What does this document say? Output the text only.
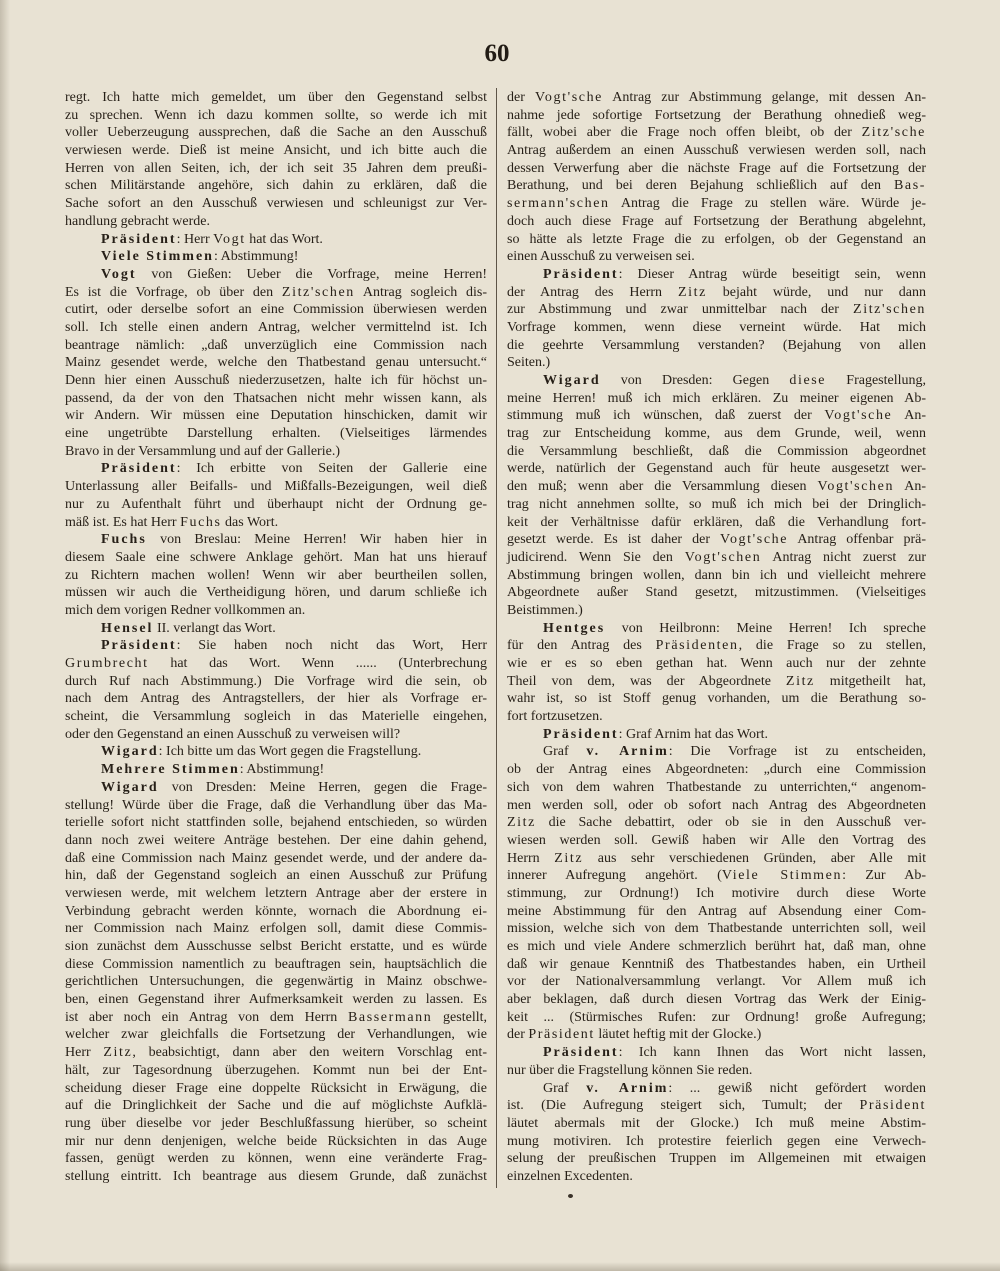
60
regt. Ich hatte mich gemeldet, um über den Gegenstand selbst
zu sprechen. Wenn ich dazu kommen sollte, so werde ich mit
voller Ueberzeugung aussprechen, daß die Sache an den Ausschuß
verwiesen werde. Dieß ist meine Ansicht, und ich bitte auch die
Herren von allen Seiten, ich, der ich seit 35 Jahren dem preußi-
schen Militärstande angehöre, sich dahin zu erklären, daß die
Sache sofort an den Ausschuß verwiesen und schleunigst zur Ver-
handlung gebracht werde.
Präsident: Herr Vogt hat das Wort.
Viele Stimmen: Abstimmung!
Vogt von Gießen: Ueber die Vorfrage, meine Herren!
Es ist die Vorfrage, ob über den Zitz'schen Antrag sogleich dis-
cutirt, oder derselbe sofort an eine Commission überwiesen werden
soll. Ich stelle einen andern Antrag, welcher vermittelnd ist. Ich
beantrage nämlich: „daß unverzüglich eine Commission nach
Mainz gesendet werde, welche den Thatbestand genau untersucht.“
Denn hier einen Ausschuß niederzusetzen, halte ich für höchst un-
passend, da der von den Thatsachen nicht mehr wissen kann, als
wir Andern. Wir müssen eine Deputation hinschicken, damit wir
eine ungetrübte Darstellung erhalten. (Vielseitiges lärmendes
Bravo in der Versammlung und auf der Gallerie.)
Präsident: Ich erbitte von Seiten der Gallerie eine
Unterlassung aller Beifalls- und Mißfalls-Bezeigungen, weil dieß
nur zu Aufenthalt führt und überhaupt nicht der Ordnung ge-
mäß ist. Es hat Herr Fuchs das Wort.
Fuchs von Breslau: Meine Herren! Wir haben hier in
diesem Saale eine schwere Anklage gehört. Man hat uns hierauf
zu Richtern machen wollen! Wenn wir aber beurtheilen sollen,
müssen wir auch die Vertheidigung hören, und darum schließe ich
mich dem vorigen Redner vollkommen an.
Hensel II. verlangt das Wort.
Präsident: Sie haben noch nicht das Wort, Herr
Grumbrecht hat das Wort. Wenn ...... (Unterbrechung
durch Ruf nach Abstimmung.) Die Vorfrage wird die sein, ob
nach dem Antrag des Antragstellers, der hier als Vorfrage er-
scheint, die Versammlung sogleich in das Materielle eingehen,
oder den Gegenstand an einen Ausschuß zu verweisen will?
Wigard: Ich bitte um das Wort gegen die Fragstellung.
Mehrere Stimmen: Abstimmung!
Wigard von Dresden: Meine Herren, gegen die Frage-
stellung! Würde über die Frage, daß die Verhandlung über das Ma-
terielle sofort nicht stattfinden solle, bejahend entschieden, so würden
dann noch zwei weitere Anträge bestehen. Der eine dahin gehend,
daß eine Commission nach Mainz gesendet werde, und der andere da-
hin, daß der Gegenstand sogleich an einen Ausschuß zur Prüfung
verwiesen werde, mit welchem letztern Antrage aber der erstere in
Verbindung gebracht werden könnte, wornach die Abordnung ei-
ner Commission nach Mainz erfolgen soll, damit diese Commis-
sion zunächst dem Ausschusse selbst Bericht erstatte, und es würde
diese Commission namentlich zu beauftragen sein, hauptsächlich die
gerichtlichen Untersuchungen, die gegenwärtig in Mainz obschwe-
ben, einen Gegenstand ihrer Aufmerksamkeit werden zu lassen. Es
ist aber noch ein Antrag von dem Herrn Bassermann gestellt,
welcher zwar gleichfalls die Fortsetzung der Verhandlungen, wie
Herr Zitz, beabsichtigt, dann aber den weitern Vorschlag ent-
hält, zur Tagesordnung überzugehen. Kommt nun bei der Ent-
scheidung dieser Frage eine doppelte Rücksicht in Erwägung, die
auf die Dringlichkeit der Sache und die auf möglichste Aufklä-
rung über dieselbe vor jeder Beschlußfassung hierüber, so scheint
mir nur denn denjenigen, welche beide Rücksichten in das Auge
fassen, genügt werden zu können, wenn eine veränderte Frag-
stellung eintritt. Ich beantrage aus diesem Grunde, daß zunächst
der Vogt'sche Antrag zur Abstimmung gelange, mit dessen An-
nahme jede sofortige Fortsetzung der Berathung ohnedieß weg-
fällt, wobei aber die Frage noch offen bleibt, ob der Zitz'sche
Antrag außerdem an einen Ausschuß verwiesen werden soll, nach
dessen Verwerfung aber die nächste Frage auf die Fortsetzung der
Berathung, und bei deren Bejahung schließlich auf den Bas-
sermann'schen Antrag die Frage zu stellen wäre. Würde je-
doch auch diese Frage auf Fortsetzung der Berathung abgelehnt,
so hätte als letzte Frage die zu erfolgen, ob der Gegenstand an
einen Ausschuß zu verweisen sei.
Präsident: Dieser Antrag würde beseitigt sein, wenn
der Antrag des Herrn Zitz bejaht würde, und nur dann
zur Abstimmung und zwar unmittelbar nach der Zitz'schen
Vorfrage kommen, wenn diese verneint würde. Hat mich
die geehrte Versammlung verstanden? (Bejahung von allen
Seiten.)
Wigard von Dresden: Gegen diese Fragestellung,
meine Herren! muß ich mich erklären. Zu meiner eigenen Ab-
stimmung muß ich wünschen, daß zuerst der Vogt'sche An-
trag zur Entscheidung komme, aus dem Grunde, weil, wenn
die Versammlung beschließt, daß die Commission abgeordnet
werde, natürlich der Gegenstand auch für heute ausgesetzt wer-
den muß; wenn aber die Versammlung diesen Vogt'schen An-
trag nicht annehmen sollte, so muß ich mich bei der Dringlich-
keit der Verhältnisse dafür erklären, daß die Verhandlung fort-
gesetzt werde. Es ist daher der Vogt'sche Antrag offenbar prä-
judicirend. Wenn Sie den Vogt'schen Antrag nicht zuerst zur
Abstimmung bringen wollen, dann bin ich und vielleicht mehrere
Abgeordnete außer Stand gesetzt, mitzustimmen. (Vielseitiges
Beistimmen.)
Hentges von Heilbronn: Meine Herren! Ich spreche
für den Antrag des Präsidenten, die Frage so zu stellen,
wie er es so eben gethan hat. Wenn auch nur der zehnte
Theil von dem, was der Abgeordnete Zitz mitgetheilt hat,
wahr ist, so ist Stoff genug vorhanden, um die Berathung so-
fort fortzusetzen.
Präsident: Graf Arnim hat das Wort.
Graf v. Arnim: Die Vorfrage ist zu entscheiden,
ob der Antrag eines Abgeordneten: „durch eine Commission
sich von dem wahren Thatbestande zu unterrichten,“ angenom-
men werden soll, oder ob sofort nach Antrag des Abgeordneten
Zitz die Sache debattirt, oder ob sie in den Ausschuß ver-
wiesen werden soll. Gewiß haben wir Alle den Vortrag des
Herrn Zitz aus sehr verschiedenen Gründen, aber Alle mit
innerer Aufregung angehört. (Viele Stimmen: Zur Ab-
stimmung, zur Ordnung!) Ich motivire durch diese Worte
meine Abstimmung für den Antrag auf Absendung einer Com-
mission, welche sich von dem Thatbestande unterrichten soll, weil
es mich und viele Andere schmerzlich berührt hat, daß man, ohne
daß wir genaue Kenntniß des Thatbestandes haben, ein Urtheil
vor der Nationalversammlung verlangt. Vor Allem muß ich
aber beklagen, daß durch diesen Vortrag das Werk der Einig-
keit ... (Stürmisches Rufen: zur Ordnung! große Aufregung;
der Präsident läutet heftig mit der Glocke.)
Präsident: Ich kann Ihnen das Wort nicht lassen,
nur über die Fragstellung können Sie reden.
Graf v. Arnim: ... gewiß nicht gefördert worden
ist. (Die Aufregung steigert sich, Tumult; der Präsident
läutet abermals mit der Glocke.) Ich muß meine Abstim-
mung motiviren. Ich protestire feierlich gegen eine Verwech-
selung der preußischen Truppen im Allgemeinen mit etwaigen
einzelnen Excedenten.
